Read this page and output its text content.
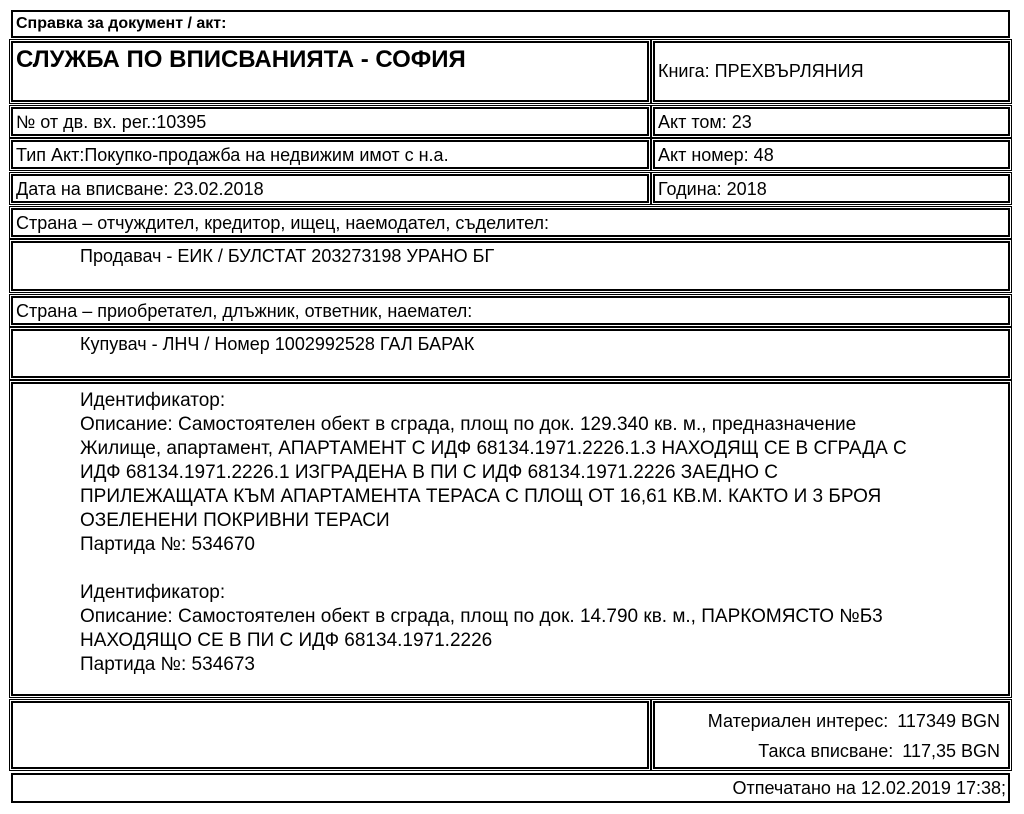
Справка за документ / акт:
СЛУЖБА ПО ВПИСВАНИЯТА - СОФИЯ	Книга: ПРЕХВЪРЛЯНИЯ
№ от дв. вх. рег.:10395	Акт том: 23
Тип Акт:Покупко-продажба на недвижим имот с н.а.	Акт номер: 48
Дата на вписване: 23.02.2018	Година: 2018
Страна – отчуждител, кредитор, ищец, наемодател, съделител:
Продавач - ЕИК / БУЛСТАТ 203273198 УРАНО БГ
Страна – приобретател, длъжник, ответник, наемател:
Купувач - ЛНЧ / Номер 1002992528 ГАЛ БАРАК

Идентификатор:

Описание: Самостоятелен обект в сграда, площ по док. 129.340 кв. м., предназначение

Жилище, апартамент, АПАРТАМЕНТ С ИДФ 68134.1971.2226.1.3 НАХОДЯЩ СЕ В СГРАДА С

ИДФ 68134.1971.2226.1 ИЗГРАДЕНА В ПИ С ИДФ 68134.1971.2226 ЗАЕДНО С

ПРИЛЕЖАЩАТА КЪМ АПАРТАМЕНТА ТЕРАСА С ПЛОЩ ОТ 16,61 КВ.М. КАКТО И 3 БРОЯ

ОЗЕЛЕНЕНИ ПОКРИВНИ ТЕРАСИ

Партида №: 534670

Идентификатор:

Описание: Самостоятелен обект в сграда, площ по док. 14.790 кв. м., ПАРКОМЯСТО №Б3

НАХОДЯЩО СЕ В ПИ С ИДФ 68134.1971.2226

Партида №: 534673

Материален интерес: 117349 BGN
Такса вписване: 117,35 BGN
Отпечатано на 12.02.2019 17:38;
